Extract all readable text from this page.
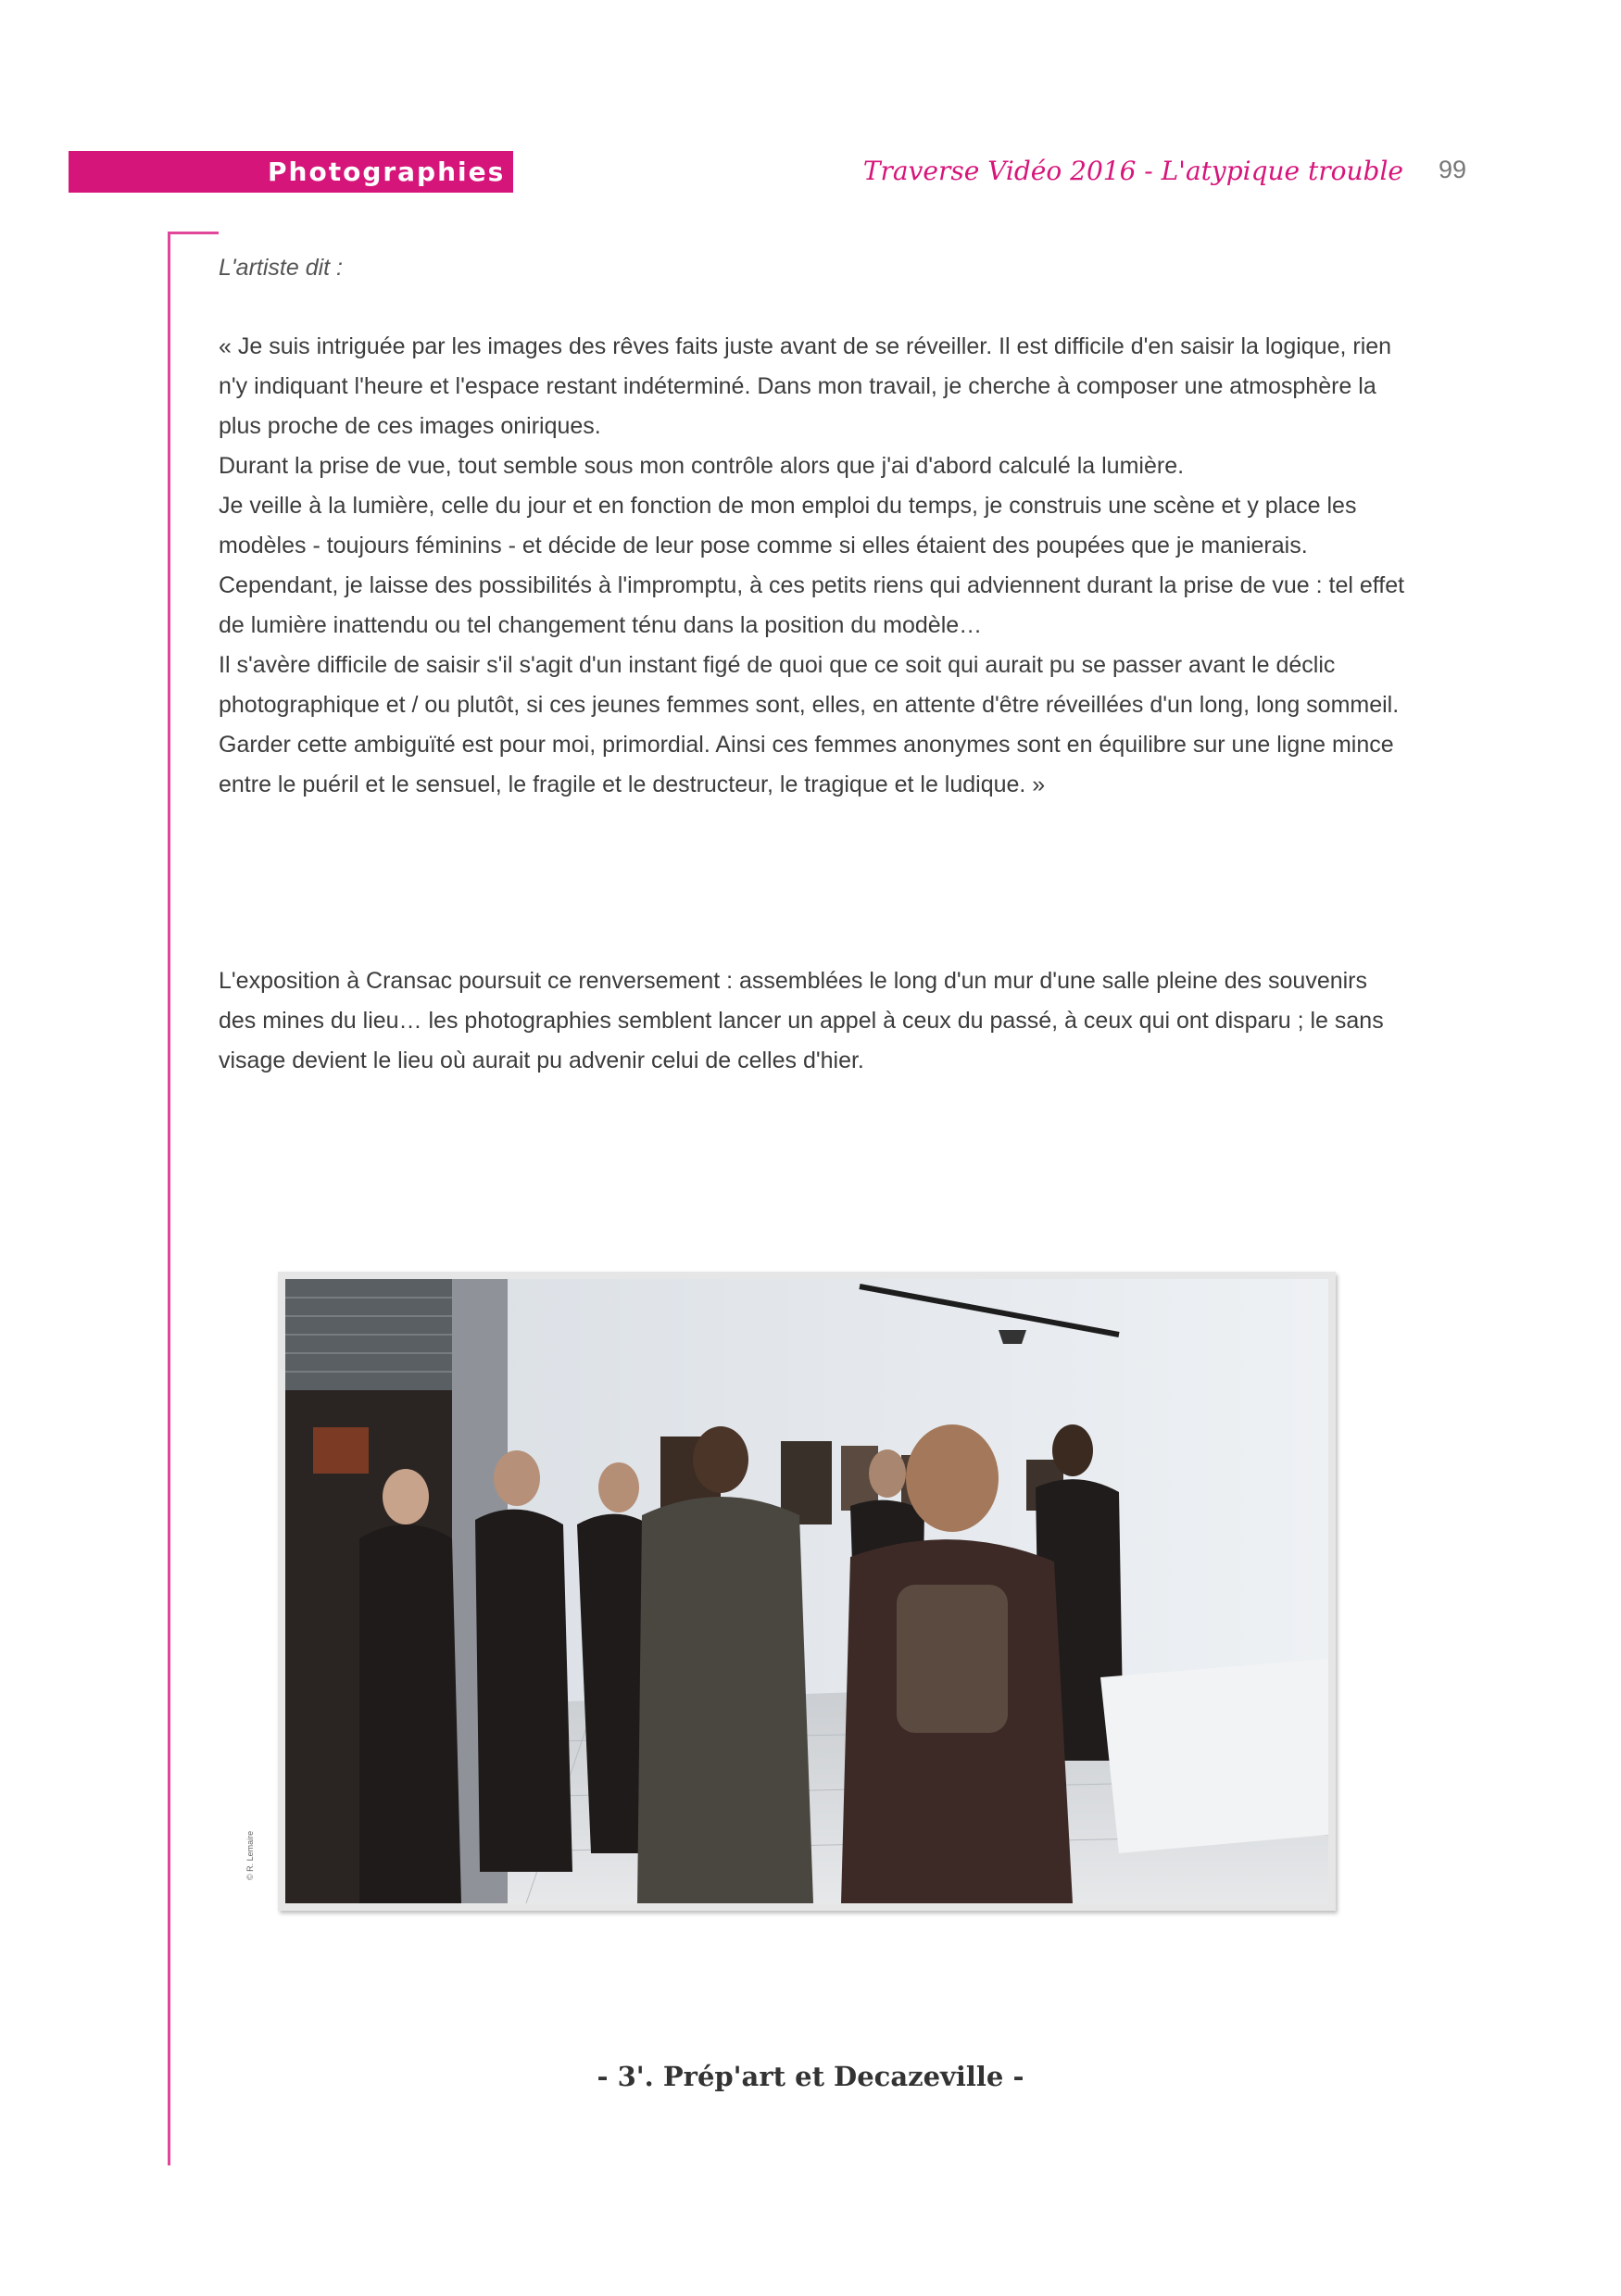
Photographies	Traverse Vidéo 2016 - L'atypique trouble 99
L'artiste dit :

« Je suis intriguée par les images des rêves faits juste avant de se réveiller. Il est difficile d'en saisir la logique, rien n'y indiquant l'heure et l'espace restant indéterminé. Dans mon travail, je cherche à composer une atmosphère la plus proche de ces images oniriques.

Durant la prise de vue, tout semble sous mon contrôle alors que j'ai d'abord calculé la lumière.

Je veille à la lumière, celle du jour et en fonction de mon emploi du temps, je construis une scène et y place les modèles - toujours féminins - et décide de leur pose comme si elles étaient des poupées que je manierais.

Cependant, je laisse des possibilités à l'impromptu, à ces petits riens qui adviennent durant la prise de vue : tel effet de lumière inattendu ou tel changement ténu dans la position du modèle…

Il s'avère difficile de saisir s'il s'agit d'un instant figé de quoi que ce soit qui aurait pu se passer avant le déclic photographique et / ou plutôt, si ces jeunes femmes sont, elles, en attente d'être réveillées d'un long, long sommeil.

Garder cette ambiguïté est pour moi, primordial. Ainsi ces femmes anonymes sont en équilibre sur une ligne mince entre le puéril et le sensuel, le fragile et le destructeur, le tragique et le ludique. »

L'exposition à Cransac poursuit ce renversement : assemblées le long d'un mur d'une salle pleine des souvenirs des mines du lieu… les photographies semblent lancer un appel à ceux du passé, à ceux qui ont disparu ; le sans visage devient le lieu où aurait pu advenir celui de celles d'hier.
© R. Lemaire
- 3'. Prép'art et Decazeville -
